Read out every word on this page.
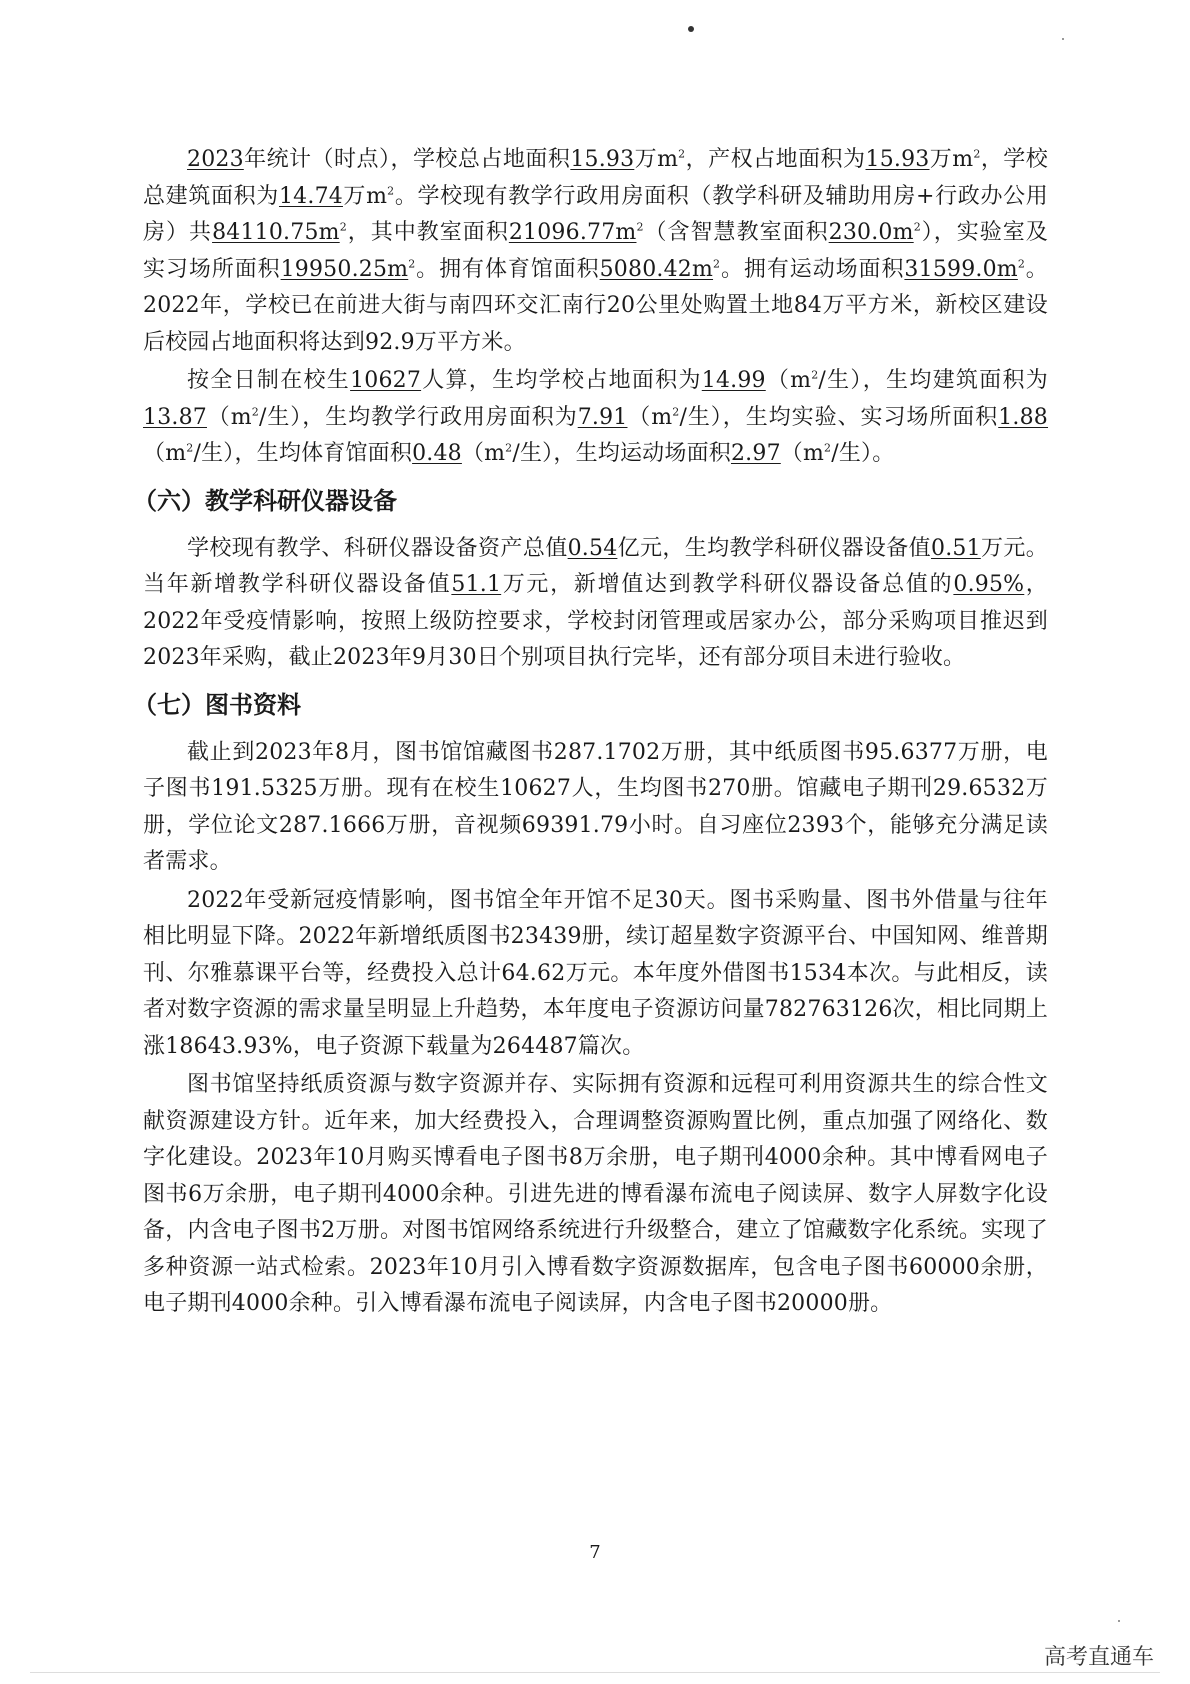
2023年统计（时点），学校总占地面积15.93万$m^2$，产权占地面积为15.93万$m^2$，学校总建筑面积为14.74万$m^2$。学校现有教学行政用房面积（教学科研及辅助用房+行政办公用房）共$84110.75m^2$，其中教室面积$21096.77m^2$（含智慧教室面积$230.0m^2$），实验室及实习场所面积$19950.25m^2$。拥有体育馆面积$5080.42m^2$。拥有运动场面积$31599.0m^2$。2022年，学校已在前进大街与南四环交汇南行20公里处购置土地84万平方米，新校区建设后校园占地面积将达到92.9万平方米。

按全日制在校生10627人算，生均学校占地面积为$14.99(m^2/$生），生均建筑面积为$13.87(m^2/$生），生均教学行政用房面积为$7.91(m^2/$生），生均实验、实习场所面积$1.88(m^2/$生），生均体育馆面积$0.48(m^2/$生），生均运动场面积$2.97(m^2/$生）。

（六）教学科研仪器设备

学校现有教学、科研仪器设备资产总值0.54亿元，生均教学科研仪器设备值0.51万元。当年新增教学科研仪器设备值51.1万元，新增值达到教学科研仪器设备总值的0.95%，2022年受疫情影响，按照上级防控要求，学校封闭管理或居家办公，部分采购项目推迟到2023年采购，截止2023年9月30日个别项目执行完毕，还有部分项目未进行验收。

（七）图书资料

截止到2023年8月，图书馆馆藏图书287.1702万册，其中纸质图书95.6377万册，电子图书191.5325万册。现有在校生10627人，生均图书270册。馆藏电子期刊29.6532万册，学位论文287.1666万册，音视频69391.79小时。自习座位2393个，能够充分满足读者需求。

2022年受新冠疫情影响，图书馆全年开馆不足30天。图书采购量、图书外借量与往年相比明显下降。2022年新增纸质图书23439册，续订超星数字资源平台、中国知网、维普期刊、尔雅慕课平台等，经费投入总计64.62万元。本年度外借图书1534本次。与此相反，读者对数字资源的需求量呈明显上升趋势，本年度电子资源访问量782763126次，相比同期上涨18643.93%，电子资源下载量为264487篇次。

图书馆坚持纸质资源与数字资源并存、实际拥有资源和远程可利用资源共生的综合性文献资源建设方针。近年来，加大经费投入，合理调整资源购置比例，重点加强了网络化、数字化建设。2023年10月购买博看电子图书8万余册，电子期刊4000余种。其中博看网电子图书6万余册，电子期刊4000余种。引进先进的博看瀑布流电子阅读屏、数字人屏数字化设备，内含电子图书2万册。对图书馆网络系统进行升级整合，建立了馆藏数字化系统。实现了多种资源一站式检索。2023年10月引入博看数字资源数据库，包含电子图书60000余册，电子期刊4000余种。引入博看瀑布流电子阅读屏，内含电子图书20000册。

7
高考直通车
